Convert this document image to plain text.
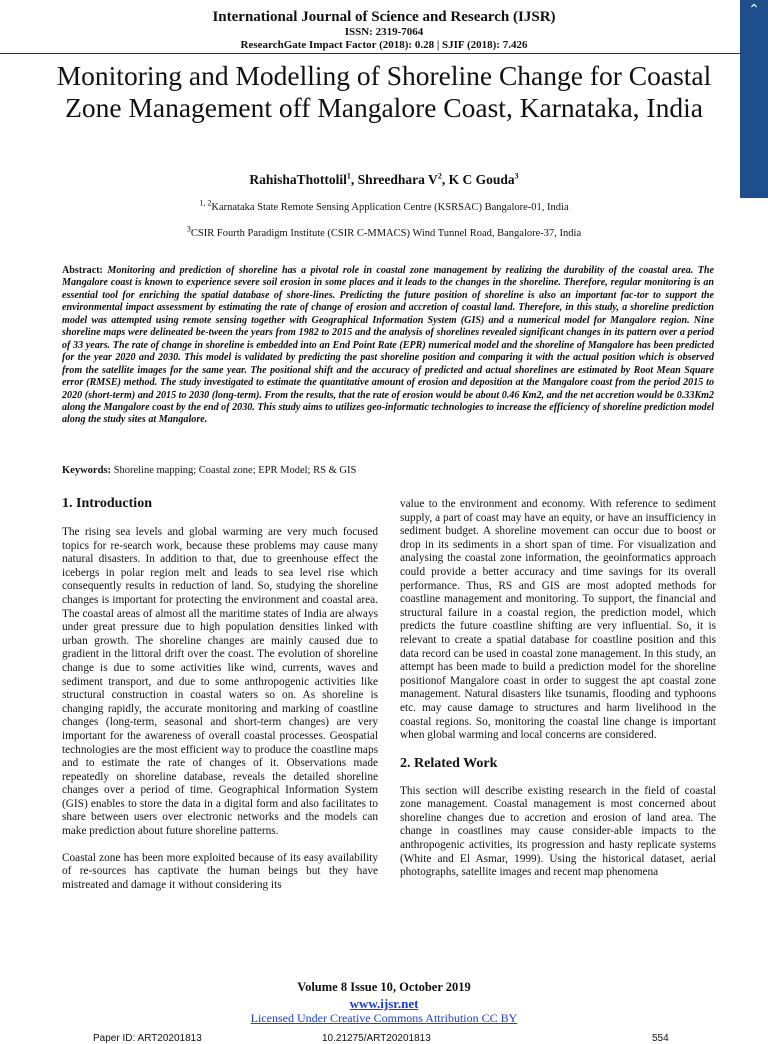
International Journal of Science and Research (IJSR)
ISSN: 2319-7064
ResearchGate Impact Factor (2018): 0.28 | SJIF (2018): 7.426
⌃
Monitoring and Modelling of Shoreline Change for Coastal Zone Management off Mangalore Coast, Karnataka, India
RahishaThottolil$^1$, Shreedhara $V^2$, K C Gouda$^3$
$^{1, 2}$Karnataka State Remote Sensing Application Centre (KSRSAC) Bangalore-01, India
$^3$CSIR Fourth Paradigm Institute (CSIR C-MMACS) Wind Tunnel Road, Bangalore-37, India
Abstract: Monitoring and prediction of shoreline has a pivotal role in coastal zone management by realizing the durability of the coastal area. The Mangalore coast is known to experience severe soil erosion in some places and it leads to the changes in the shoreline. Therefore, regular monitoring is an essential tool for enriching the spatial database of shore-lines. Predicting the future position of shoreline is also an important fac-tor to support the environmental impact assessment by estimating the rate of change of erosion and accretion of coastal land. Therefore, in this study, a shoreline prediction model was attempted using remote sensing together with Geographical Information System (GIS) and a numerical model for Mangalore region. Nine shoreline maps were delineated be-tween the years from 1982 to 2015 and the analysis of shorelines revealed significant changes in its pattern over a period of 33 years. The rate of change in shoreline is embedded into an End Point Rate (EPR) numerical model and the shoreline of Mangalore has been predicted for the year 2020 and 2030. This model is validated by predicting the past shoreline position and comparing it with the actual position which is observed from the satellite images for the same year. The positional shift and the accuracy of predicted and actual shorelines are estimated by Root Mean Square error (RMSE) method. The study investigated to estimate the quantitative amount of erosion and deposition at the Mangalore coast from the period 2015 to 2020 (short-term) and 2015 to 2030 (long-term). From the results, that the rate of erosion would be about 0.46 Km2, and the net accretion would be 0.33Km2 along the Mangalore coast by the end of 2030. This study aims to utilizes geo-informatic technologies to increase the efficiency of shoreline prediction model along the study sites at Mangalore.
Keywords: Shoreline mapping; Coastal zone; EPR Model; RS & GIS
1. Introduction

The rising sea levels and global warming are very much focused topics for re-search work, because these problems may cause many natural disasters. In addition to that, due to greenhouse effect the icebergs in polar region melt and leads to sea level rise which consequently results in reduction of land. So, studying the shoreline changes is important for protecting the environment and coastal area. The coastal areas of almost all the maritime states of India are always under great pressure due to high population densities linked with urban growth. The shoreline changes are mainly caused due to gradient in the littoral drift over the coast. The evolution of shoreline change is due to some activities like wind, currents, waves and sediment transport, and due to some anthropogenic activities like structural construction in coastal waters so on. As shoreline is changing rapidly, the accurate monitoring and marking of coastline changes (long-term, seasonal and short-term changes) are very important for the awareness of overall coastal processes. Geospatial technologies are the most efficient way to produce the coastline maps and to estimate the rate of changes of it. Observations made repeatedly on shoreline database, reveals the detailed shoreline changes over a period of time. Geographical Information System (GIS) enables to store the data in a digital form and also facilitates to share between users over electronic networks and the models can make prediction about future shoreline patterns.

Coastal zone has been more exploited because of its easy availability of re-sources has captivate the human beings but they have mistreated and damage it without considering its

value to the environment and economy. With reference to sediment supply, a part of coast may have an equity, or have an insufficiency in sediment budget. A shoreline movement can occur due to boost or drop in its sediments in a short span of time. For visualization and analysing the coastal zone information, the geoinformatics approach could provide a better accuracy and time savings for its overall performance. Thus, RS and GIS are most adopted methods for coastline management and monitoring. To support, the financial and structural failure in a coastal region, the prediction model, which predicts the future coastline shifting are very influential. So, it is relevant to create a spatial database for coastline position and this data record can be used in coastal zone management. In this study, an attempt has been made to build a prediction model for the shoreline positionof Mangalore coast in order to suggest the apt coastal zone management. Natural disasters like tsunamis, flooding and typhoons etc. may cause damage to structures and harm livelihood in the coastal regions. So, monitoring the coastal line change is important when global warming and local concerns are considered.

2. Related Work

This section will describe existing research in the field of coastal zone management. Coastal management is most concerned about shoreline changes due to accretion and erosion of land area. The change in coastlines may cause consider-able impacts to the anthropogenic activities, its progression and hasty replicate systems (White and El Asmar, 1999). Using the historical dataset, aerial photographs, satellite images and recent map phenomena

Volume 8 Issue 10, October 2019
www.ijsr.net
Licensed Under Creative Commons Attribution CC BY
Paper ID: ART20201813	10.21275/ART20201813	554
